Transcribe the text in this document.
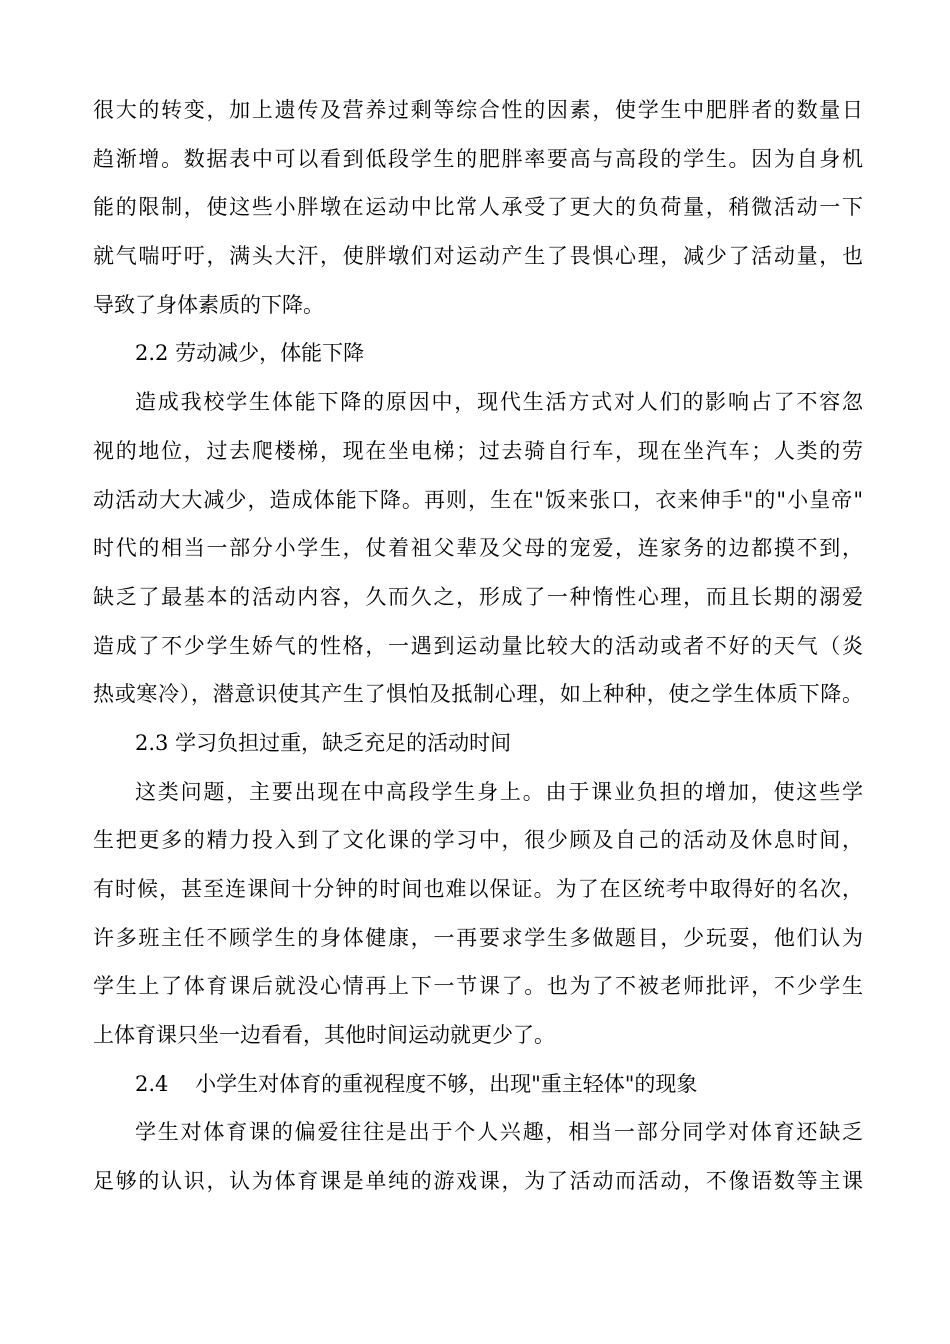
很大的转变，加上遗传及营养过剩等综合性的因素，使学生中肥胖者的数量日
趋渐增。数据表中可以看到低段学生的肥胖率要高与高段的学生。因为自身机
能的限制，使这些小胖墩在运动中比常人承受了更大的负荷量，稍微活动一下
就气喘吁吁，满头大汗，使胖墩们对运动产生了畏惧心理，减少了活动量，也
导致了身体素质的下降。
2.2 劳动减少，体能下降
造成我校学生体能下降的原因中，现代生活方式对人们的影响占了不容忽
视的地位，过去爬楼梯，现在坐电梯；过去骑自行车，现在坐汽车；人类的劳
动活动大大减少，造成体能下降。再则，生在"饭来张口，衣来伸手"的"小皇帝"
时代的相当一部分小学生，仗着祖父辈及父母的宠爱，连家务的边都摸不到，
缺乏了最基本的活动内容，久而久之，形成了一种惰性心理，而且长期的溺爱
造成了不少学生娇气的性格，一遇到运动量比较大的活动或者不好的天气（炎
热或寒冷），潜意识使其产生了惧怕及抵制心理，如上种种，使之学生体质下降。
2.3 学习负担过重，缺乏充足的活动时间
这类问题，主要出现在中高段学生身上。由于课业负担的增加，使这些学
生把更多的精力投入到了文化课的学习中，很少顾及自己的活动及休息时间，
有时候，甚至连课间十分钟的时间也难以保证。为了在区统考中取得好的名次，
许多班主任不顾学生的身体健康，一再要求学生多做题目，少玩耍，他们认为
学生上了体育课后就没心情再上下一节课了。也为了不被老师批评，不少学生
上体育课只坐一边看看，其他时间运动就更少了。
2.4    小学生对体育的重视程度不够，出现"重主轻体"的现象
学生对体育课的偏爱往往是出于个人兴趣，相当一部分同学对体育还缺乏
足够的认识，认为体育课是单纯的游戏课，为了活动而活动，不像语数等主课
